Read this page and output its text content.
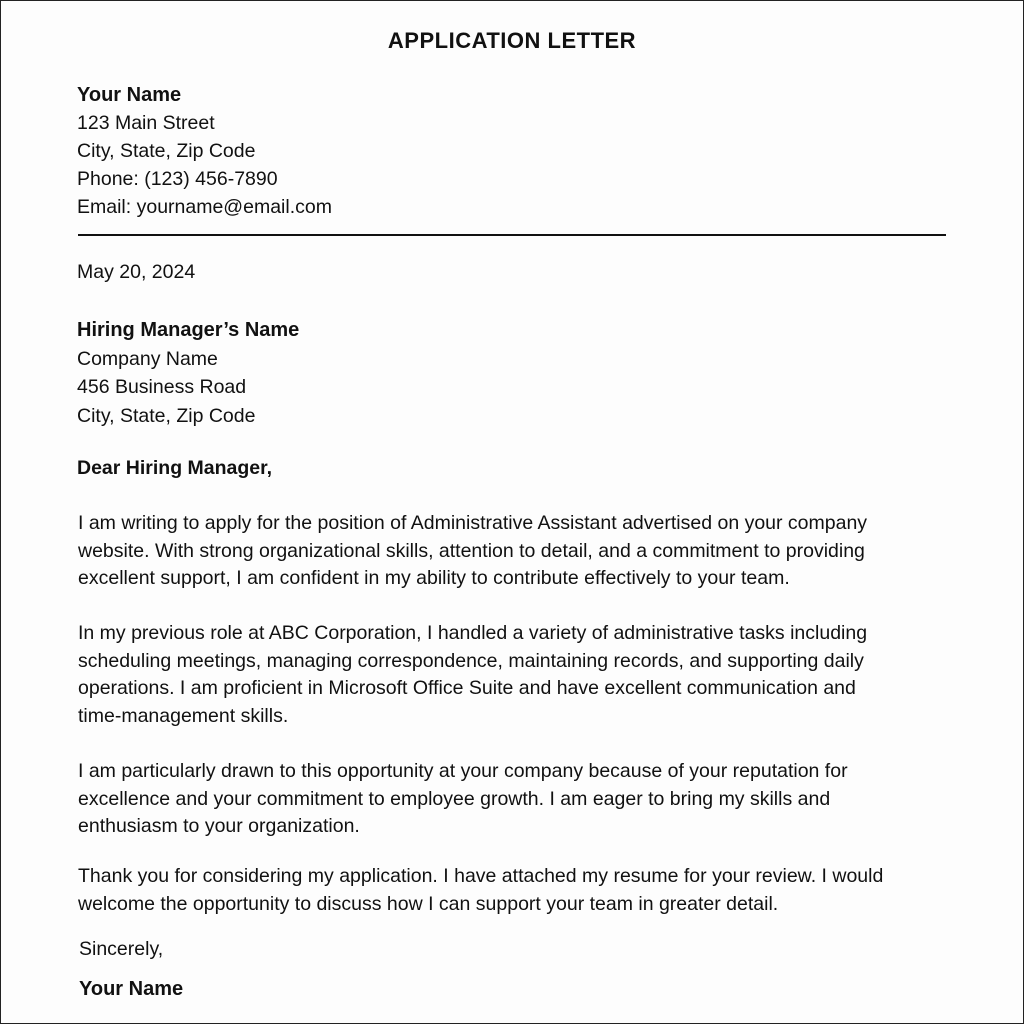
APPLICATION LETTER
Your Name
123 Main Street
City, State, Zip Code
Phone: (123) 456-7890
Email: yourname@email.com
May 20, 2024
Hiring Manager’s Name
Company Name
456 Business Road
City, State, Zip Code
Dear Hiring Manager,

I am writing to apply for the position of Administrative Assistant advertised on your company
website. With strong organizational skills, attention to detail, and a commitment to providing
excellent support, I am confident in my ability to contribute effectively to your team.

In my previous role at ABC Corporation, I handled a variety of administrative tasks including
scheduling meetings, managing correspondence, maintaining records, and supporting daily
operations. I am proficient in Microsoft Office Suite and have excellent communication and
time-management skills.

I am particularly drawn to this opportunity at your company because of your reputation for
excellence and your commitment to employee growth. I am eager to bring my skills and
enthusiasm to your organization.

Thank you for considering my application. I have attached my resume for your review. I would
welcome the opportunity to discuss how I can support your team in greater detail.

Sincerely,
Your Name
